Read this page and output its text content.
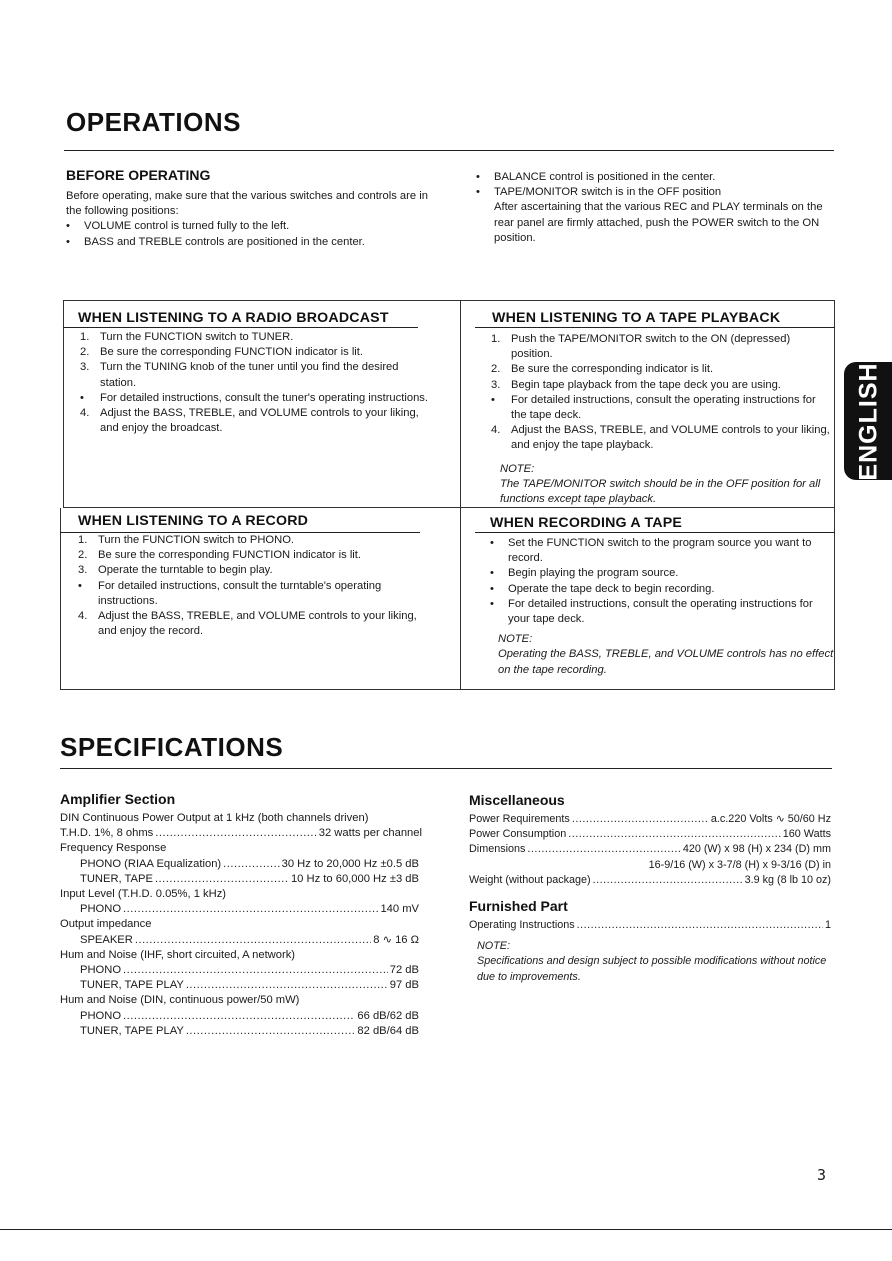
OPERATIONS
BEFORE OPERATING

Before operating, make sure that the various switches and controls are in the following positions:

• VOLUME control is turned fully to the left.

• BASS and TREBLE controls are positioned in the center.

• BALANCE control is positioned in the center.

• TAPE/MONITOR switch is in the OFF position

After ascertaining that the various REC and PLAY terminals on the rear panel are firmly attached, push the POWER switch to the ON position.

WHEN LISTENING TO A RADIO BROADCAST

1. Turn the FUNCTION switch to TUNER.

2. Be sure the corresponding FUNCTION indicator is lit.

3. Turn the TUNING knob of the tuner until you find the desired station.

• For detailed instructions, consult the tuner's operating instructions.

4. Adjust the BASS, TREBLE, and VOLUME controls to your liking, and enjoy the broadcast.

WHEN LISTENING TO A TAPE PLAYBACK

1. Push the TAPE/MONITOR switch to the ON (depressed) position.

2. Be sure the corresponding indicator is lit.

3. Begin tape playback from the tape deck you are using.

• For detailed instructions, consult the operating instructions for the tape deck.

4. Adjust the BASS, TREBLE, and VOLUME controls to your liking, and enjoy the tape playback.

NOTE:

The TAPE/MONITOR switch should be in the OFF position for all functions except tape playback.

WHEN LISTENING TO A RECORD

1. Turn the FUNCTION switch to PHONO.

2. Be sure the corresponding FUNCTION indicator is lit.

3. Operate the turntable to begin play.

• For detailed instructions, consult the turntable's operating instructions.

4. Adjust the BASS, TREBLE, and VOLUME controls to your liking, and enjoy the record.

WHEN RECORDING A TAPE

• Set the FUNCTION switch to the program source you want to record.

• Begin playing the program source.

• Operate the tape deck to begin recording.

• For detailed instructions, consult the operating instructions for your tape deck.

NOTE:

Operating the BASS, TREBLE, and VOLUME controls has no effect on the tape recording.

ENGLISH
SPECIFICATIONS
Amplifier Section

DIN Continuous Power Output at 1 kHz (both channels driven)

T.H.D. 1%, 8 ohms .....	32 watts per channel

Frequency Response

PHONO (RIAA Equalization) .....	30 Hz to 20,000 Hz ±0.5 dB
TUNER, TAPE .....	10 Hz to 60,000 Hz ±3 dB

Input Level (T.H.D. 0.05%, 1 kHz)

PHONO .....	140 mV

Output impedance

SPEAKER .....	8 ∿ 16 Ω

Hum and Noise (IHF, short circuited, A network)

PHONO .....	72 dB
TUNER, TAPE PLAY .....	97 dB

Hum and Noise (DIN, continuous power/50 mW)

PHONO .....	66 dB/62 dB
TUNER, TAPE PLAY .....	82 dB/64 dB
Miscellaneous
Power Requirements .....	a.c.220 Volts ∿ 50/60 Hz
Power Consumption .....	160 Watts
Dimensions .....	420 (W) x 98 (H) x 234 (D) mm

16-9/16 (W) x 3-7/8 (H) x 9-3/16 (D) in

Weight (without package) .....	3.9 kg (8 lb 10 oz)
Furnished Part
Operating Instructions .....	1

NOTE:

Specifications and design subject to possible modifications without notice due to improvements.

3
